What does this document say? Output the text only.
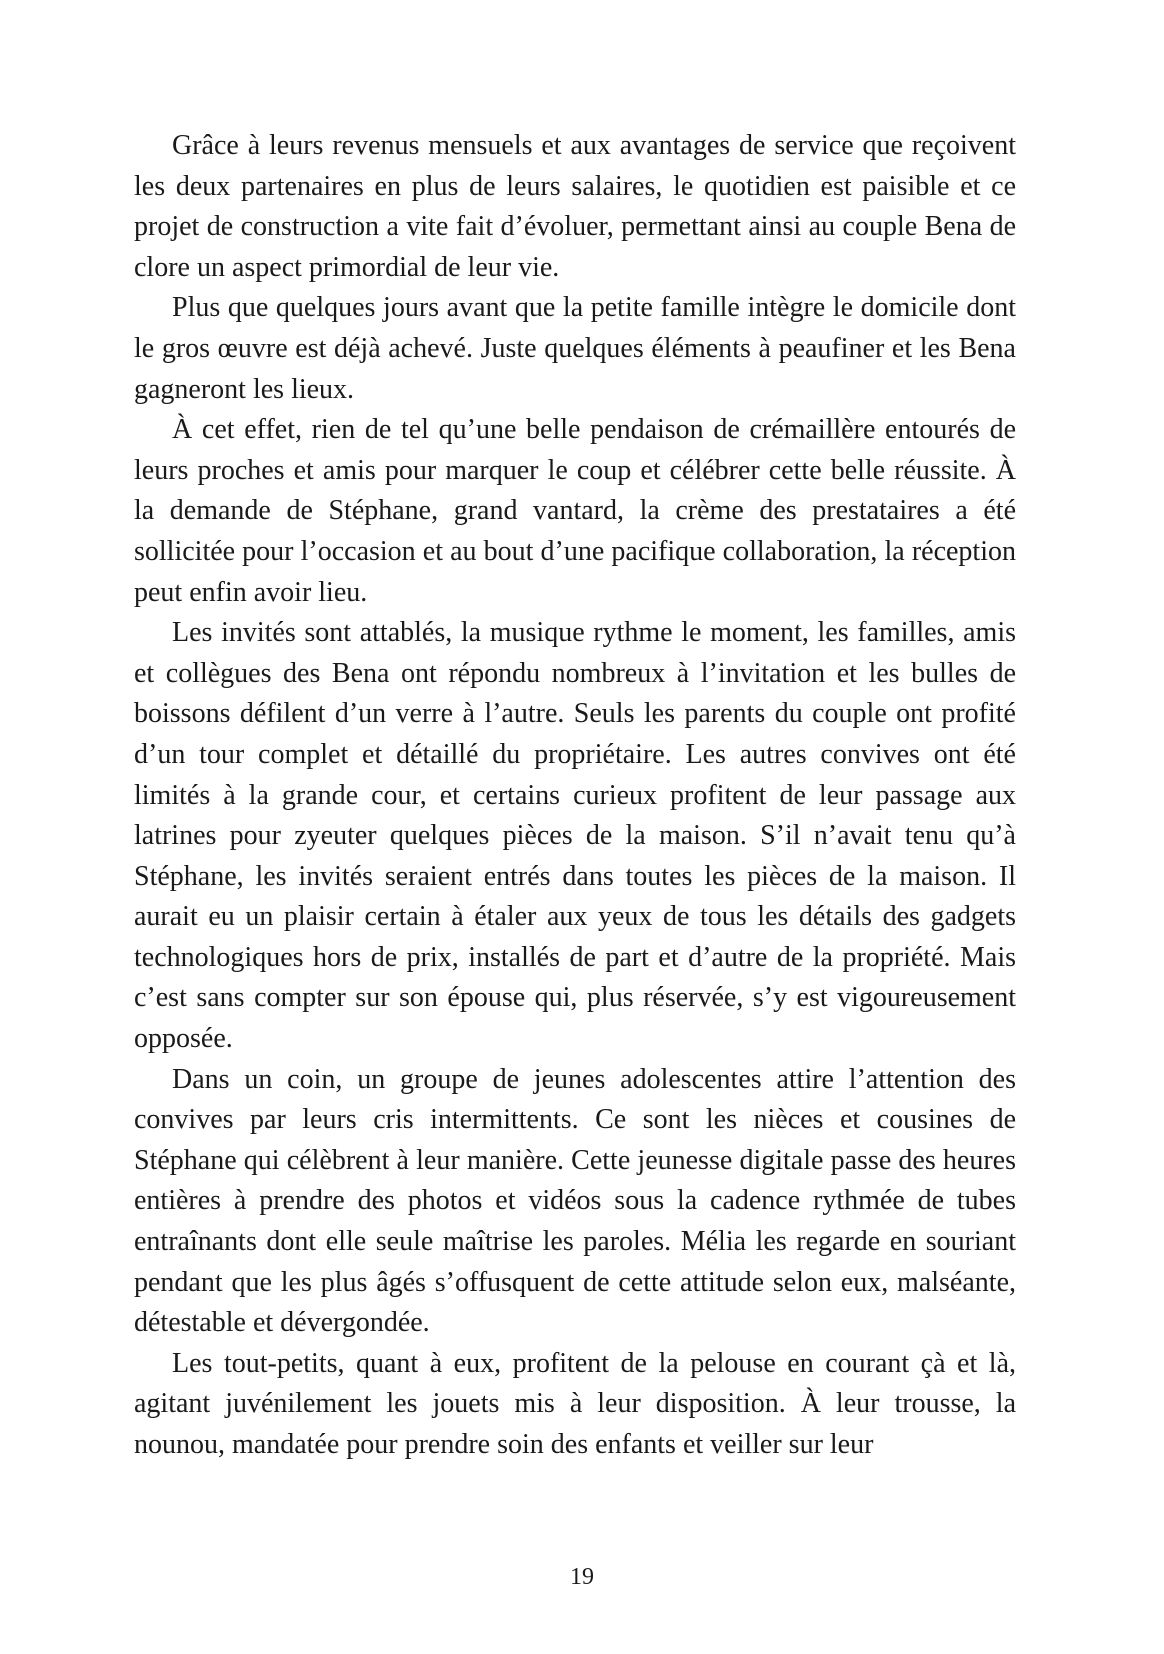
Grâce à leurs revenus mensuels et aux avantages de service que reçoivent les deux partenaires en plus de leurs salaires, le quotidien est paisible et ce projet de construction a vite fait d’évoluer, permettant ainsi au couple Bena de clore un aspect primordial de leur vie.

Plus que quelques jours avant que la petite famille intègre le domicile dont le gros œuvre est déjà achevé. Juste quelques éléments à peaufiner et les Bena gagneront les lieux.

À cet effet, rien de tel qu’une belle pendaison de crémaillère entourés de leurs proches et amis pour marquer le coup et célébrer cette belle réussite. À la demande de Stéphane, grand vantard, la crème des prestataires a été sollicitée pour l’occasion et au bout d’une pacifique collaboration, la réception peut enfin avoir lieu.

Les invités sont attablés, la musique rythme le moment, les familles, amis et collègues des Bena ont répondu nombreux à l’invitation et les bulles de boissons défilent d’un verre à l’autre. Seuls les parents du couple ont profité d’un tour complet et détaillé du propriétaire. Les autres convives ont été limités à la grande cour, et certains curieux profitent de leur passage aux latrines pour zyeuter quelques pièces de la maison. S’il n’avait tenu qu’à Stéphane, les invités seraient entrés dans toutes les pièces de la maison. Il aurait eu un plaisir certain à étaler aux yeux de tous les détails des gadgets technologiques hors de prix, installés de part et d’autre de la propriété. Mais c’est sans compter sur son épouse qui, plus réservée, s’y est vigoureusement opposée.

Dans un coin, un groupe de jeunes adolescentes attire l’attention des convives par leurs cris intermittents. Ce sont les nièces et cousines de Stéphane qui célèbrent à leur manière. Cette jeunesse digitale passe des heures entières à prendre des photos et vidéos sous la cadence rythmée de tubes entraînants dont elle seule maîtrise les paroles. Mélia les regarde en souriant pendant que les plus âgés s’offusquent de cette attitude selon eux, malséante, détestable et dévergondée.

Les tout-petits, quant à eux, profitent de la pelouse en courant çà et là, agitant juvénilement les jouets mis à leur disposition. À leur trousse, la nounou, mandatée pour prendre soin des enfants et veiller sur leur

19
